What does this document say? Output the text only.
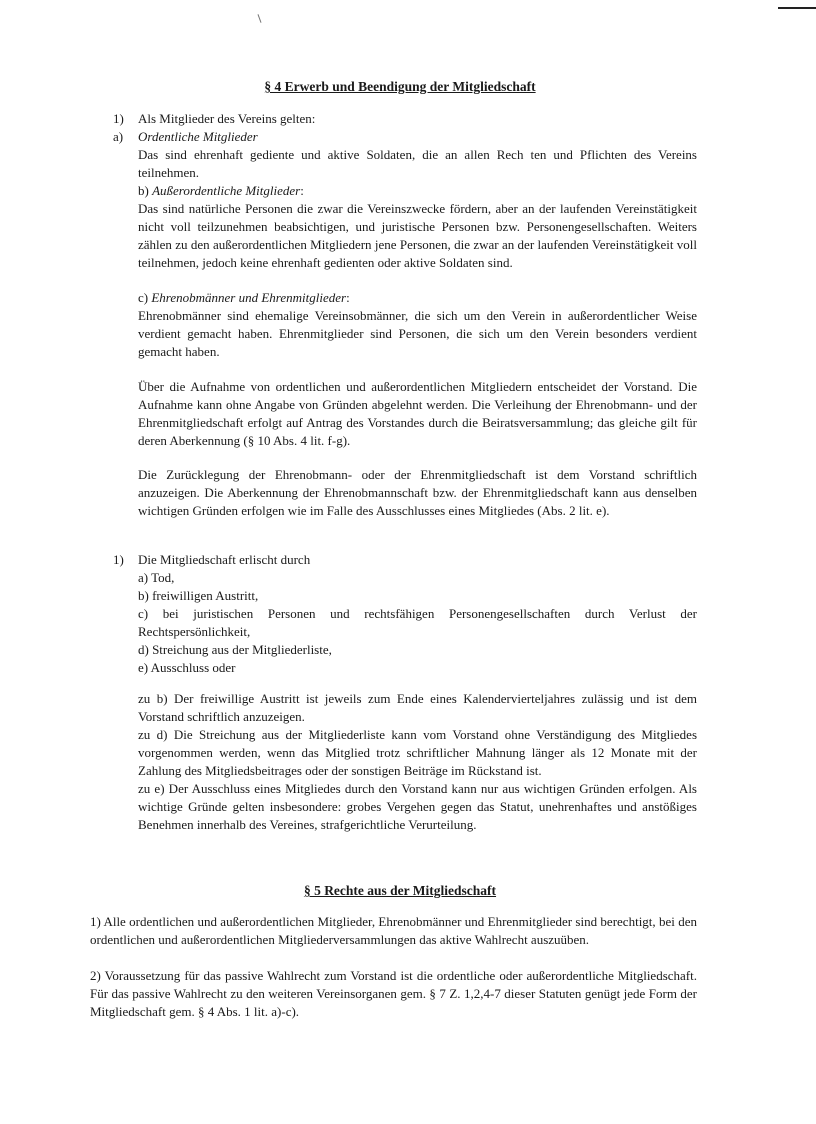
§ 4 Erwerb und Beendigung der Mitgliedschaft
1) Als Mitglieder des Vereins gelten:
a) Ordentliche Mitglieder

Das sind ehrenhaft gediente und aktive Soldaten, die an allen Rech ten und Pflichten des Vereins teilnehmen.

b) Außerordentliche Mitglieder:

Das sind natürliche Personen die zwar die Vereinszwecke fördern, aber an der laufenden Vereinstätigkeit nicht voll teilzunehmen beabsichtigen, und juristische Personen bzw. Personengesellschaften. Weiters zählen zu den außerordentlichen Mitgliedern jene Personen, die zwar an der laufenden Vereinstätigkeit voll teilnehmen, jedoch keine ehrenhaft gedienten oder aktive Soldaten sind.

c) Ehrenobmänner und Ehrenmitglieder:

Ehrenobmänner sind ehemalige Vereinsobmänner, die sich um den Verein in außerordentlicher Weise verdient gemacht haben. Ehrenmitglieder sind Personen, die sich um den Verein besonders verdient gemacht haben.

Über die Aufnahme von ordentlichen und außerordentlichen Mitgliedern entscheidet der Vorstand. Die Aufnahme kann ohne Angabe von Gründen abgelehnt werden. Die Verleihung der Ehrenobmann- und der Ehrenmitgliedschaft erfolgt auf Antrag des Vorstandes durch die Beiratsversammlung; das gleiche gilt für deren Aberkennung (§ 10 Abs. 4 lit. f-g).

Die Zurücklegung der Ehrenobmann- oder der Ehrenmitgliedschaft ist dem Vorstand schriftlich anzuzeigen. Die Aberkennung der Ehrenobmannschaft bzw. der Ehrenmitgliedschaft kann aus denselben wichtigen Gründen erfolgen wie im Falle des Ausschlusses eines Mitgliedes (Abs. 2 lit. e).

1) Die Mitgliedschaft erlischt durch
a) Tod,
b) freiwilligen Austritt,
c) bei juristischen Personen und rechtsfähigen Personengesellschaften durch Verlust der Rechtspersönlichkeit,
d) Streichung aus der Mitgliederliste,
e) Ausschluss oder

zu b) Der freiwillige Austritt ist jeweils zum Ende eines Kalendervierteljahres zulässig und ist dem Vorstand schriftlich anzuzeigen.

zu d) Die Streichung aus der Mitgliederliste kann vom Vorstand ohne Verständigung des Mitgliedes vorgenommen werden, wenn das Mitglied trotz schriftlicher Mahnung länger als 12 Monate mit der Zahlung des Mitgliedsbeitrages oder der sonstigen Beiträge im Rückstand ist.

zu e) Der Ausschluss eines Mitgliedes durch den Vorstand kann nur aus wichtigen Gründen erfolgen. Als wichtige Gründe gelten insbesondere: grobes Vergehen gegen das Statut, unehrenhaftes und anstößiges Benehmen innerhalb des Vereines, strafgerichtliche Verurteilung.

§ 5 Rechte aus der Mitgliedschaft

1) Alle ordentlichen und außerordentlichen Mitglieder, Ehrenobmänner und Ehrenmitglieder sind berechtigt, bei den ordentlichen und außerordentlichen Mitgliederversammlungen das aktive Wahlrecht auszuüben.

2) Voraussetzung für das passive Wahlrecht zum Vorstand ist die ordentliche oder außerordentliche Mitgliedschaft. Für das passive Wahlrecht zu den weiteren Vereinsorganen gem. § 7 Z. 1,2,4-7 dieser Statuten genügt jede Form der Mitgliedschaft gem. § 4 Abs. 1 lit. a)-c).
